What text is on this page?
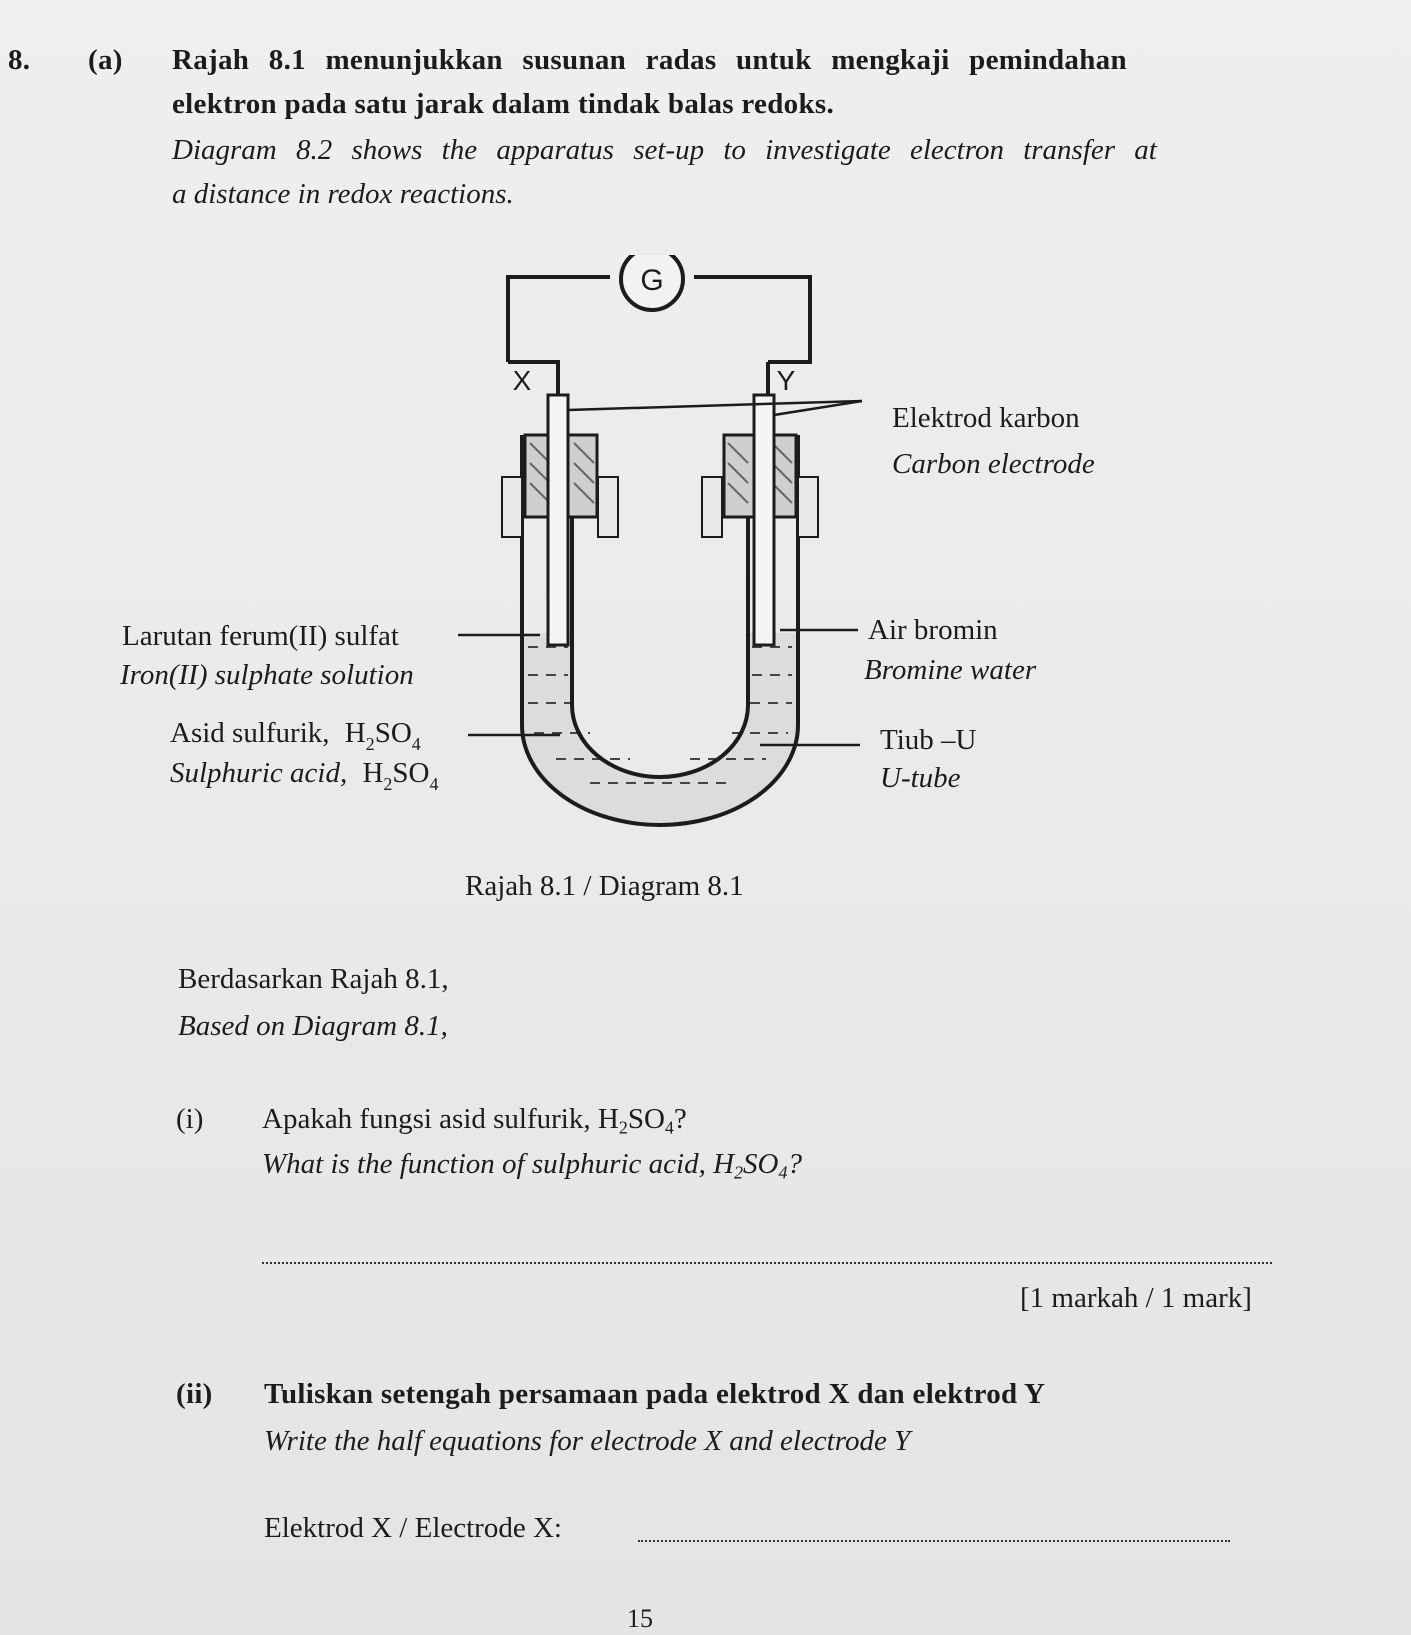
8. (a) Rajah 8.1 menunjukkan susunan radas untuk mengkaji pemindahan
elektron pada satu jarak dalam tindak balas redoks.
Diagram 8.2 shows the apparatus set-up to investigate electron transfer at
a distance in redox reactions.
G
X	Y
Elektrod karbon
Carbon electrode
Air bromin
Bromine water
Tiub –U
U-tube
Larutan ferum(II) sulfat
Iron(II) sulphate solution
Asid sulfurik, $H_2SO_4$
Sulphuric acid, $H_2SO_4$
Rajah 8.1 / Diagram 8.1
Berdasarkan Rajah 8.1,
Based on Diagram 8.1,
(i) Apakah fungsi asid sulfurik, $H_2SO_4$?
What is the function of sulphuric acid, $H_2SO_4$?
[1 markah / 1 mark]
(ii) Tuliskan setengah persamaan pada elektrod X dan elektrod Y
Write the half equations for electrode X and electrode Y
Elektrod X / Electrode X:
15
